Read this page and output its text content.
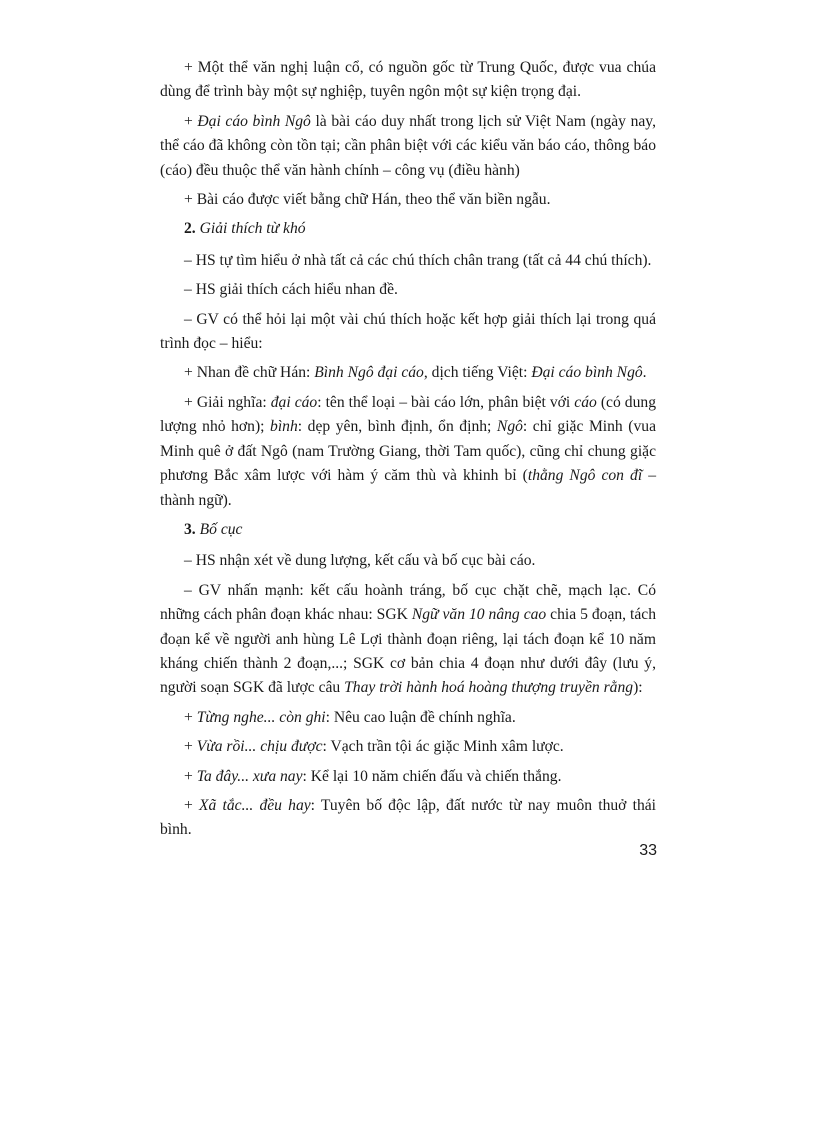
+ Một thể văn nghị luận cổ, có nguồn gốc từ Trung Quốc, được vua chúa dùng để trình bày một sự nghiệp, tuyên ngôn một sự kiện trọng đại.

+ Đại cáo bình Ngô là bài cáo duy nhất trong lịch sử Việt Nam (ngày nay, thể cáo đã không còn tồn tại; cần phân biệt với các kiểu văn báo cáo, thông báo (cáo) đều thuộc thể văn hành chính – công vụ (điều hành)

+ Bài cáo được viết bằng chữ Hán, theo thể văn biền ngẫu.

2. Giải thích từ khó

– HS tự tìm hiểu ở nhà tất cả các chú thích chân trang (tất cả 44 chú thích).

– HS giải thích cách hiểu nhan đề.

– GV có thể hỏi lại một vài chú thích hoặc kết hợp giải thích lại trong quá trình đọc – hiểu:

+ Nhan đề chữ Hán: Bình Ngô đại cáo, dịch tiếng Việt: Đại cáo bình Ngô.

+ Giải nghĩa: đại cáo: tên thể loại – bài cáo lớn, phân biệt với cáo (có dung lượng nhỏ hơn); bình: dẹp yên, bình định, ổn định; Ngô: chỉ giặc Minh (vua Minh quê ở đất Ngô (nam Trường Giang, thời Tam quốc), cũng chỉ chung giặc phương Bắc xâm lược với hàm ý căm thù và khinh bỉ (thằng Ngô con đĩ – thành ngữ).

3. Bố cục

– HS nhận xét về dung lượng, kết cấu và bố cục bài cáo.

– GV nhấn mạnh: kết cấu hoành tráng, bố cục chặt chẽ, mạch lạc. Có những cách phân đoạn khác nhau: SGK Ngữ văn 10 nâng cao chia 5 đoạn, tách đoạn kể về người anh hùng Lê Lợi thành đoạn riêng, lại tách đoạn kể 10 năm kháng chiến thành 2 đoạn,...; SGK cơ bản chia 4 đoạn như dưới đây (lưu ý, người soạn SGK đã lược câu Thay trời hành hoá hoàng thượng truyền rằng):

+ Từng nghe... còn ghi: Nêu cao luận đề chính nghĩa.

+ Vừa rồi... chịu được: Vạch trần tội ác giặc Minh xâm lược.

+ Ta đây... xưa nay: Kể lại 10 năm chiến đấu và chiến thắng.

+ Xã tắc... đều hay: Tuyên bố độc lập, đất nước từ nay muôn thuở thái bình.

33
